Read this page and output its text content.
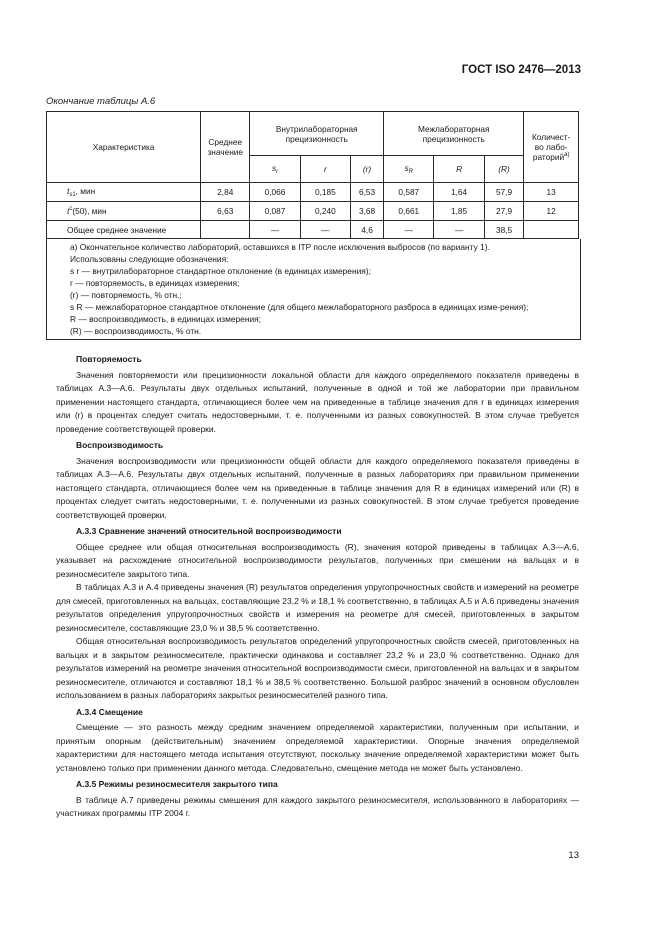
ГОСТ ISO 2476—2013
Окончание таблицы А.6
Характеристика	Среднее значение	Внутрилабораторная прецизионность			Межлабораторная прецизионность			Количест-во лабо-раторий$^{а)}$
		$s_r$	r	(r)	$s_R$	R	(R)	
$t_{s1}$, мин	2,84	0,066	0,185	6,53	0,587	1,64	57,9	13
$t^c(50)$, мин	6,63	0,087	0,240	3,68	0,661	1,85	27,9	12
Общее среднее значение		—	—	4,6	—	—	38,5	
а) Окончательное количество лабораторий, оставшихся в ITP после исключения выбросов (по варианту 1).
Использованы следующие обозначения:
s r — внутрилабораторное стандартное отклонение (в единицах измерения);
r — повторяемость, в единицах измерения;
(r) — повторяемость, % отн.;
s R — межлабораторное стандартное отклонение (для общего межлабораторного разброса в единицах изме-рения);
R — воспроизводимость, в единицах измерения;
(R) — воспроизводимость, % отн.

Повторяемость

Значения повторяемости или прецизионности локальной области для каждого определяемого показателя приведены в таблицах А.3—А.6. Результаты двух отдельных испытаний, полученные в одной и той же лаборатории при правильном применении настоящего стандарта, отличающиеся более чем на приведенные в таблице значения для r в единицах измерения или (r) в процентах следует считать недостоверными, т. е. полученными из разных совокупностей. В этом случае требуется проведение соответствующей проверки.

Воспроизводимость

Значения воспроизводимости или прецизионности общей области для каждого определяемого показателя приведены в таблицах А.3—А.6. Результаты двух отдельных испытаний, полученные в разных лабораториях при правильном применении настоящего стандарта, отличающиеся более чем на приведенные в таблице значения для R в единицах измерений или (R) в процентах следует считать недостоверными, т. е. полученными из разных совокупностей. В этом случае требуется проведение соответствующей проверки.

А.3.3 Сравнение значений относительной воспроизводимости

Общее среднее или общая относительная воспроизводимость (R), значения которой приведены в таблицах А.3—А.6, указывает на расхождение относительной воспроизводимости результатов, полученных при смешении на вальцах и в резиносмесителе закрытого типа.

В таблицах А.3 и А.4 приведены значения (R) результатов определения упругопрочностных свойств и измерений на реометре для смесей, приготовленных на вальцах, составляющие 23,2 % и 18,1 % соответственно, в таблицах А.5 и А.6 приведены значения результатов определения упругопрочностных свойств и измерения на реометре для смесей, приготовленных в закрытом резиносмесителе, составляющие 23,0 % и 38,5 % соответственно.

Общая относительная воспроизводимость результатов определений упругопрочностных свойств смесей, приготовленных на вальцах и в закрытом резиносмесителе, практически одинакова и составляет 23,2 % и 23,0 % соответственно. Однако для результатов измерений на реометре значения относительной воспроизводимости смеси, приготовленной на вальцах и в закрытом резиносмесителе, отличаются и составляют 18,1 % и 38,5 % соответственно. Большой разброс значений в основном обусловлен использованием в разных лабораториях закрытых резиносмесителей разного типа.

А.3.4 Смещение

Смещение — это разность между средним значением определяемой характеристики, полученным при испытании, и принятым опорным (действительным) значением определяемой характеристики. Опорные значения определяемой характеристики для настоящего метода испытания отсутствуют, поскольку значение определяемой характеристики может быть установлено только при применении данного метода. Следовательно, смещение метода не может быть установлено.

А.3.5 Режимы резиносмесителя закрытого типа

В таблице А.7 приведены режимы смешения для каждого закрытого резиносмесителя, использованного в лабораториях — участниках программы ITP 2004 г.

13
